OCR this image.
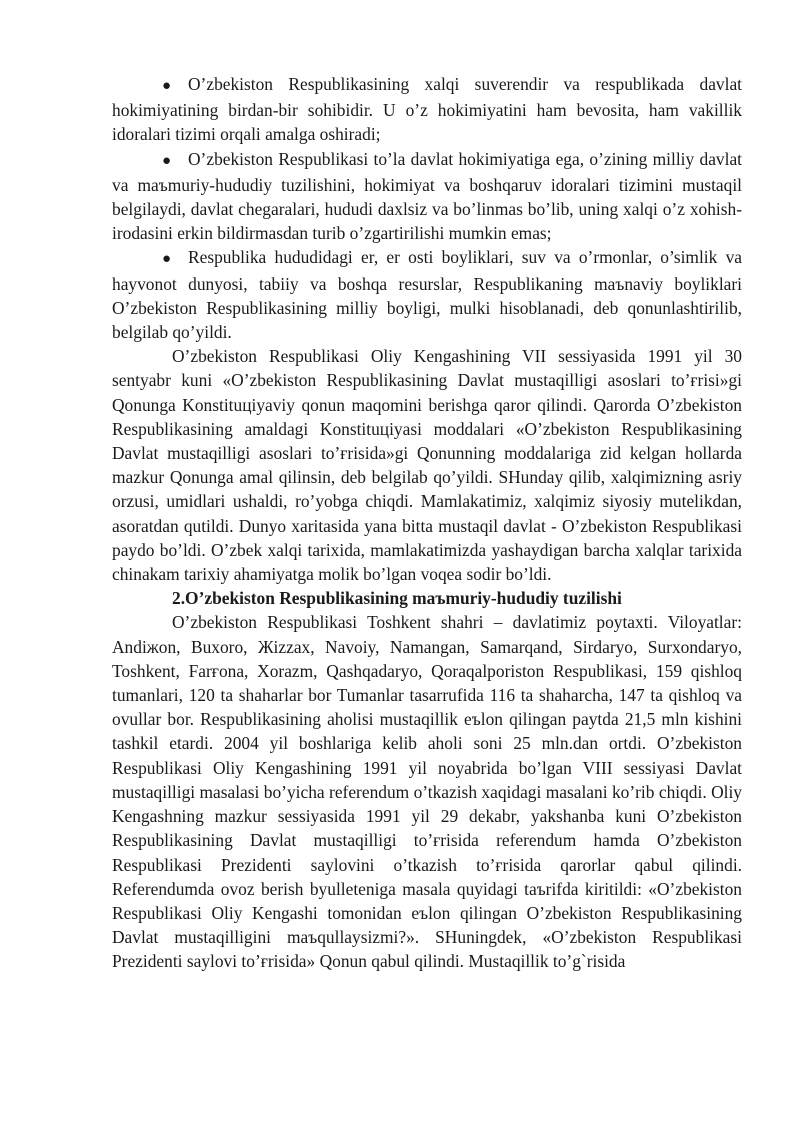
● O’zbekiston Respublikasining xalqi suverendir va respublikada davlat hokimiyatining birdan-bir sohibidir. U o’z hokimiyatini ham bevosita, ham vakillik idoralari tizimi orqali amalga oshiradi;

● O’zbekiston Respublikasi to’la davlat hokimiyatiga ega, o’zining milliy davlat va maъmuriy-hududiy tuzilishini, hokimiyat va boshqaruv idoralari tizimini mustaqil belgilaydi, davlat chegaralari, hududi daxlsiz va bo’linmas bo’lib, uning xalqi o’z xohish-irodasini erkin bildirmasdan turib o’zgartirilishi mumkin emas;

● Respublika hududidagi er, er osti boyliklari, suv va o’rmonlar, o’simlik va hayvonot dunyosi, tabiiy va boshqa resurslar, Respublikaning maъnaviy boyliklari O’zbekiston Respublikasining milliy boyligi, mulki hisoblanadi, deb qonunlashtirilib, belgilab qo’yildi.

O’zbekiston Respublikasi Oliy Kengashining VII sessiyasida 1991 yil 30 sentyabr kuni «O’zbekiston Respublikasining Davlat mustaqilligi asoslari to’ғrisi»gi Qonunga Konstituцiyaviy qonun maqomini berishga qaror qilindi. Qarorda O’zbekiston Respublikasining amaldagi Konstituцiyasi moddalari «O’zbekiston Respublikasining Davlat mustaqilligi asoslari to’ғrisida»gi Qonunning moddalariga zid kelgan hollarda mazkur Qonunga amal qilinsin, deb belgilab qo’yildi. SHunday qilib, xalqimizning asriy orzusi, umidlari ushaldi, ro’yobga chiqdi. Mamlakatimiz, xalqimiz siyosiy mutelikdan, asoratdan qutildi. Dunyo xaritasida yana bitta mustaqil davlat - O’zbekiston Respublikasi paydo bo’ldi. O’zbek xalqi tarixida, mamlakatimizda yashaydigan barcha xalqlar tarixida chinakam tarixiy ahamiyatga molik bo’lgan voqea sodir bo’ldi.

2.O’zbekiston Respublikasining maъmuriy-hududiy tuzilishi

O’zbekiston Respublikasi Toshkent shahri – davlatimiz poytaxti. Viloyatlar: Andiжon, Buxoro, Жizzax, Navoiy, Namangan, Samarqand, Sirdaryo, Surxondaryo, Toshkent, Farғona, Xorazm, Qashqadaryo, Qoraqalporiston Respublikasi, 159 qishloq tumanlari, 120 ta shaharlar bor Tumanlar tasarrufida 116 ta shaharcha, 147 ta qishloq va ovullar bor. Respublikasining aholisi mustaqillik eъlon qilingan paytda 21,5 mln kishini tashkil etardi. 2004 yil boshlariga kelib aholi soni 25 mln.dan ortdi. O’zbekiston Respublikasi Oliy Kengashining 1991 yil noyabrida bo’lgan VIII sessiyasi Davlat mustaqilligi masalasi bo’yicha referendum o’tkazish xaqidagi masalani ko’rib chiqdi. Oliy Kengashning mazkur sessiyasida 1991 yil 29 dekabr, yakshanba kuni O’zbekiston Respublikasining Davlat mustaqilligi to’ғrisida referendum hamda O’zbekiston Respublikasi Prezidenti saylovini o’tkazish to’ғrisida qarorlar qabul qilindi. Referendumda ovoz berish byulleteniga masala quyidagi taъrifda kiritildi: «O’zbekiston Respublikasi Oliy Kengashi tomonidan eъlon qilingan O’zbekiston Respublikasining Davlat mustaqilligini maъqullaysizmi?». SHuningdek, «O’zbekiston Respublikasi Prezidenti saylovi to’ғrisida» Qonun qabul qilindi. Mustaqillik to’g`risida
